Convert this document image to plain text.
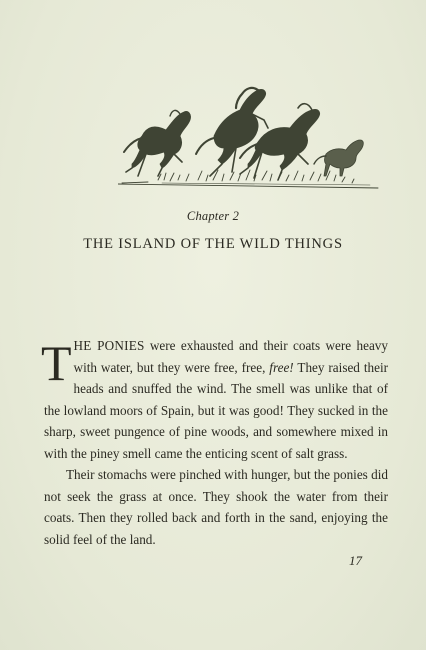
Chapter 2
THE ISLAND OF THE WILD THINGS

THE PONIES were exhausted and their coats were heavy with water, but they were free, free, free! They raised their heads and snuffed the wind. The smell was unlike that of the lowland moors of Spain, but it was good! They sucked in the sharp, sweet pungence of pine woods, and somewhere mixed in with the piney smell came the enticing scent of salt grass.

Their stomachs were pinched with hunger, but the ponies did not seek the grass at once. They shook the water from their coats. Then they rolled back and forth in the sand, enjoying the solid feel of the land.

17
